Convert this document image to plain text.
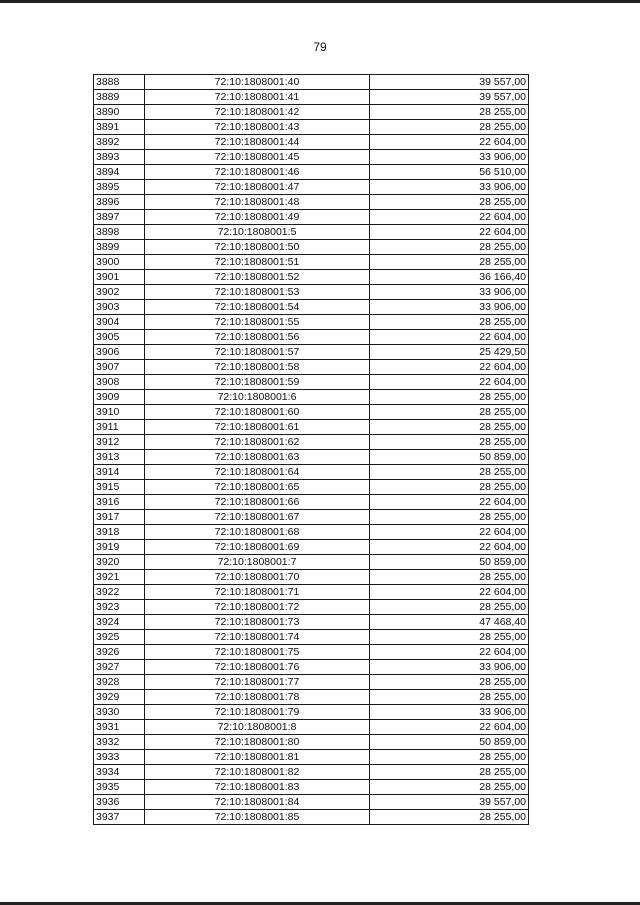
79
3888	72:10:1808001:40	39 557,00
3889	72:10:1808001:41	39 557,00
3890	72:10:1808001:42	28 255,00
3891	72:10:1808001:43	28 255,00
3892	72:10:1808001:44	22 604,00
3893	72:10:1808001:45	33 906,00
3894	72:10:1808001:46	56 510,00
3895	72:10:1808001:47	33 906,00
3896	72:10:1808001:48	28 255,00
3897	72:10:1808001:49	22 604,00
3898	72:10:1808001:5	22 604,00
3899	72:10:1808001:50	28 255,00
3900	72:10:1808001:51	28 255,00
3901	72:10:1808001:52	36 166,40
3902	72:10:1808001:53	33 906,00
3903	72:10:1808001:54	33 906,00
3904	72:10:1808001:55	28 255,00
3905	72:10:1808001:56	22 604,00
3906	72:10:1808001:57	25 429,50
3907	72:10:1808001:58	22 604,00
3908	72:10:1808001:59	22 604,00
3909	72:10:1808001:6	28 255,00
3910	72:10:1808001:60	28 255,00
3911	72:10:1808001:61	28 255,00
3912	72:10:1808001:62	28 255,00
3913	72:10:1808001:63	50 859,00
3914	72:10:1808001:64	28 255,00
3915	72:10:1808001:65	28 255,00
3916	72:10:1808001:66	22 604,00
3917	72:10:1808001:67	28 255,00
3918	72:10:1808001:68	22 604,00
3919	72:10:1808001:69	22 604,00
3920	72:10:1808001:7	50 859,00
3921	72:10:1808001:70	28 255,00
3922	72:10:1808001:71	22 604,00
3923	72:10:1808001:72	28 255,00
3924	72:10:1808001:73	47 468,40
3925	72:10:1808001:74	28 255,00
3926	72:10:1808001:75	22 604,00
3927	72:10:1808001:76	33 906,00
3928	72:10:1808001:77	28 255,00
3929	72:10:1808001:78	28 255,00
3930	72:10:1808001:79	33 906,00
3931	72:10:1808001:8	22 604,00
3932	72:10:1808001:80	50 859,00
3933	72:10:1808001:81	28 255,00
3934	72:10:1808001:82	28 255,00
3935	72:10:1808001:83	28 255,00
3936	72:10:1808001:84	39 557,00
3937	72:10:1808001:85	28 255,00
